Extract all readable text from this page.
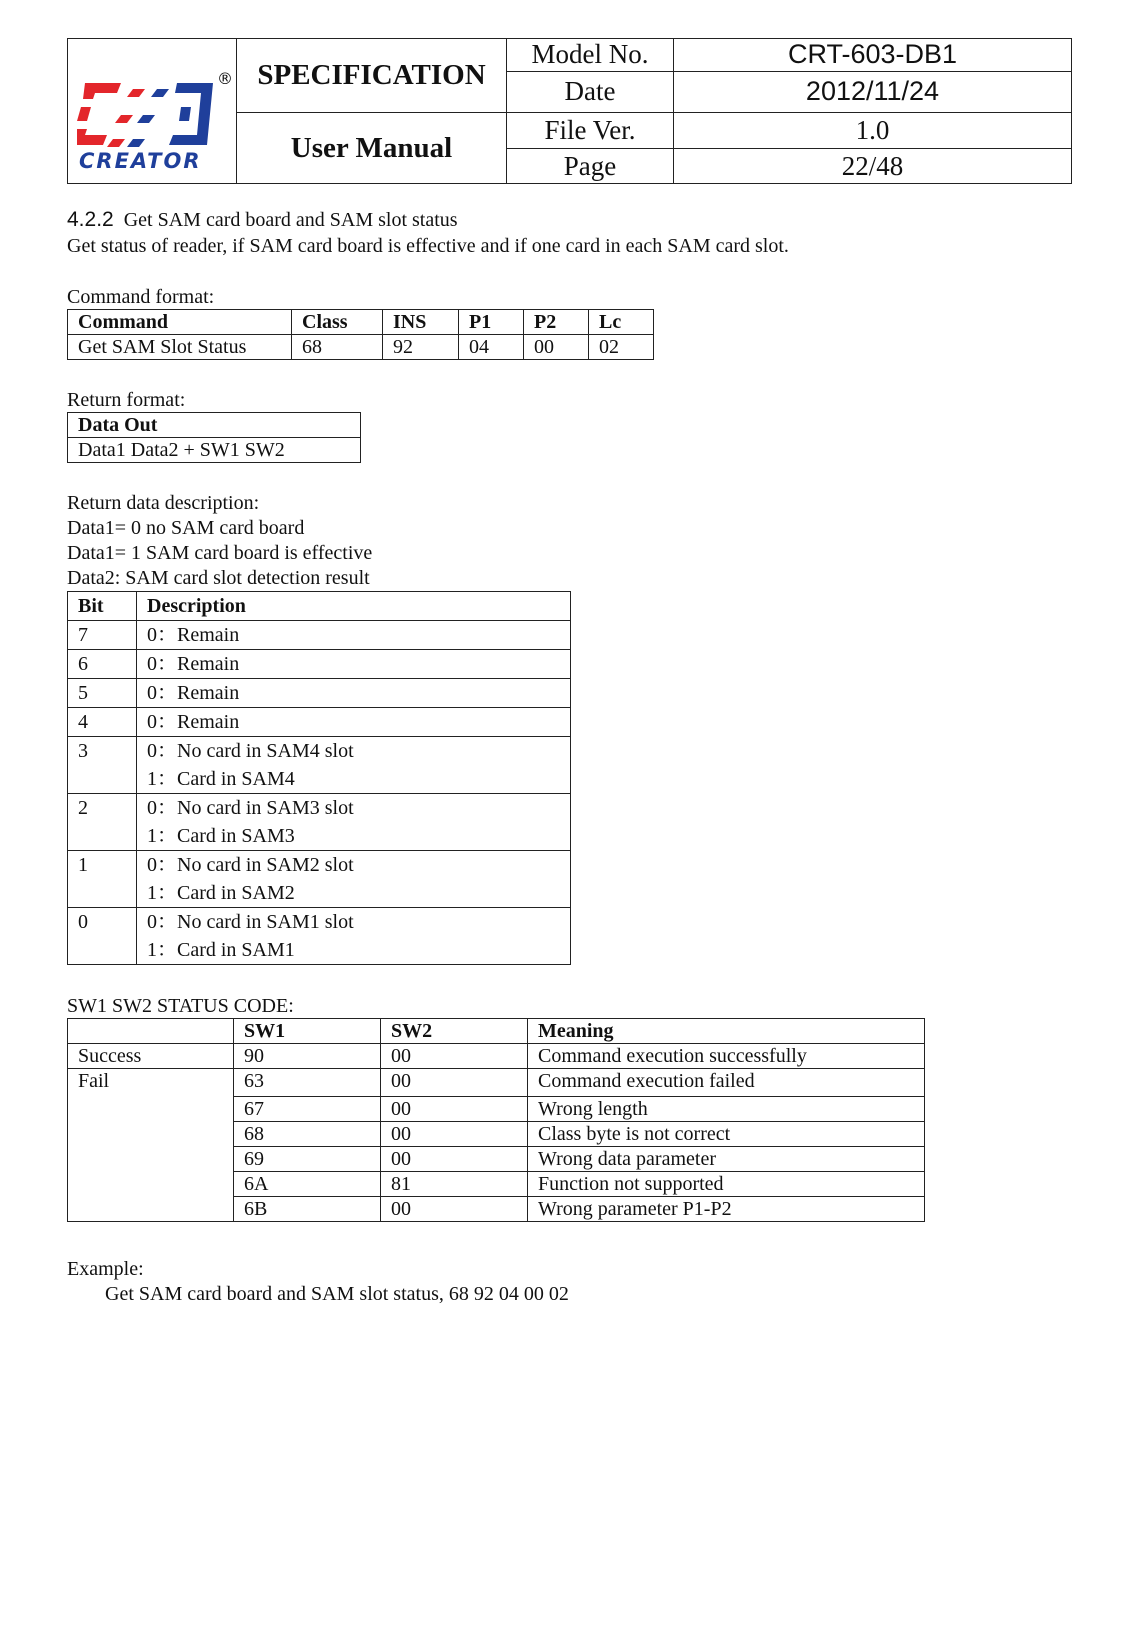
®
CREATOR	SPECIFICATION	Model No.	CRT-603-DB1
		Date	2012/11/24
	User Manual	File Ver.	1.0
		Page	22/48
4.2.2 Get SAM card board and SAM slot status
Get status of reader, if SAM card board is effective and if one card in each SAM card slot.
Command format:
Command	Class	INS	P1	P2	Lc
Get SAM Slot Status	68	92	04	00	02
Return format:
Data Out
Data1 Data2 + SW1 SW2
Return data description:
Data1= 0 no SAM card board
Data1= 1 SAM card board is effective
Data2: SAM card slot detection result
Bit	Description
7	0：Remain
6	0：Remain
5	0：Remain
4	0：Remain
3	0：No card in SAM4 slot
1：Card in SAM4

2	0：No card in SAM3 slot
1：Card in SAM3

1	0：No card in SAM2 slot
1：Card in SAM2

0	0：No card in SAM1 slot
1：Card in SAM1
SW1 SW2 STATUS CODE:
	SW1	SW2	Meaning
Success	90	00	Command execution successfully
Fail	63	00	Command execution failed
	67	00	Wrong length
	68	00	Class byte is not correct
	69	00	Wrong data parameter
	6A	81	Function not supported
	6B	00	Wrong parameter P1-P2
Example:
Get SAM card board and SAM slot status, 68 92 04 00 02
